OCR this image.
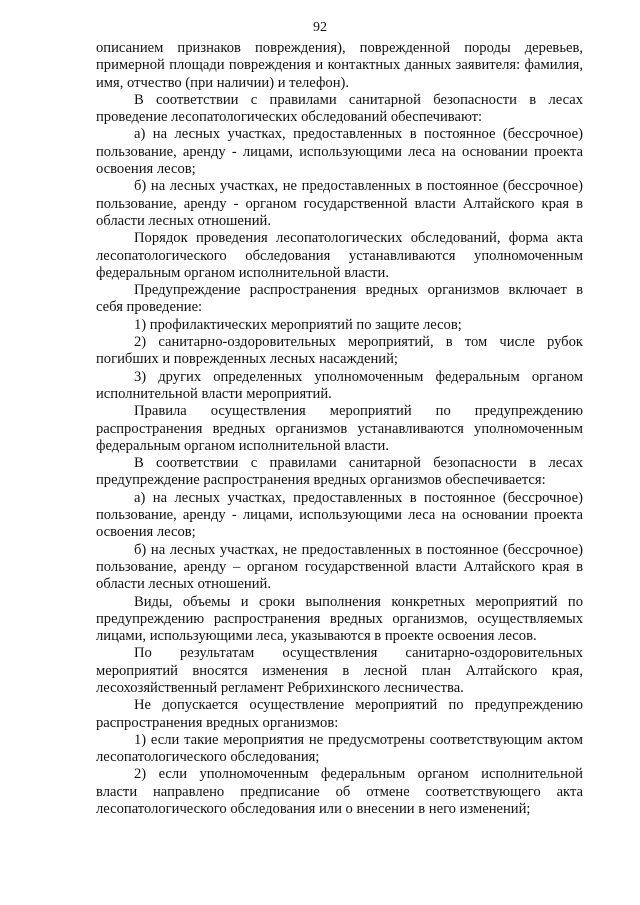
92

описанием признаков повреждения), поврежденной породы деревьев, примерной площади повреждения и контактных данных заявителя: фамилия, имя, отчество (при наличии) и телефон).

В соответствии с правилами санитарной безопасности в лесах проведение лесопатологических обследований обеспечивают:

а) на лесных участках, предоставленных в постоянное (бессрочное) пользование, аренду - лицами, использующими леса на основании проекта освоения лесов;

б) на лесных участках, не предоставленных в постоянное (бессрочное) пользование, аренду - органом государственной власти Алтайского края в области лесных отношений.

Порядок проведения лесопатологических обследований, форма акта лесопатологического обследования устанавливаются уполномоченным федеральным органом исполнительной власти.

Предупреждение распространения вредных организмов включает в себя проведение:

1) профилактических мероприятий по защите лесов;

2) санитарно-оздоровительных мероприятий, в том числе рубок погибших и поврежденных лесных насаждений;

3) других определенных уполномоченным федеральным органом исполнительной власти мероприятий.

Правила осуществления мероприятий по предупреждению распространения вредных организмов устанавливаются уполномоченным федеральным органом исполнительной власти.

В соответствии с правилами санитарной безопасности в лесах предупреждение распространения вредных организмов обеспечивается:

а) на лесных участках, предоставленных в постоянное (бессрочное) пользование, аренду - лицами, использующими леса на основании проекта освоения лесов;

б) на лесных участках, не предоставленных в постоянное (бессрочное) пользование, аренду – органом государственной власти Алтайского края в области лесных отношений.

Виды, объемы и сроки выполнения конкретных мероприятий по предупреждению распространения вредных организмов, осуществляемых лицами, использующими леса, указываются в проекте освоения лесов.

По результатам осуществления санитарно-оздоровительных мероприятий вносятся изменения в лесной план Алтайского края, лесохозяйственный регламент Ребрихинского лесничества.

Не допускается осуществление мероприятий по предупреждению распространения вредных организмов:

1) если такие мероприятия не предусмотрены соответствующим актом лесопатологического обследования;

2) если уполномоченным федеральным органом исполнительной власти направлено предписание об отмене соответствующего акта лесопатологического обследования или о внесении в него изменений;
